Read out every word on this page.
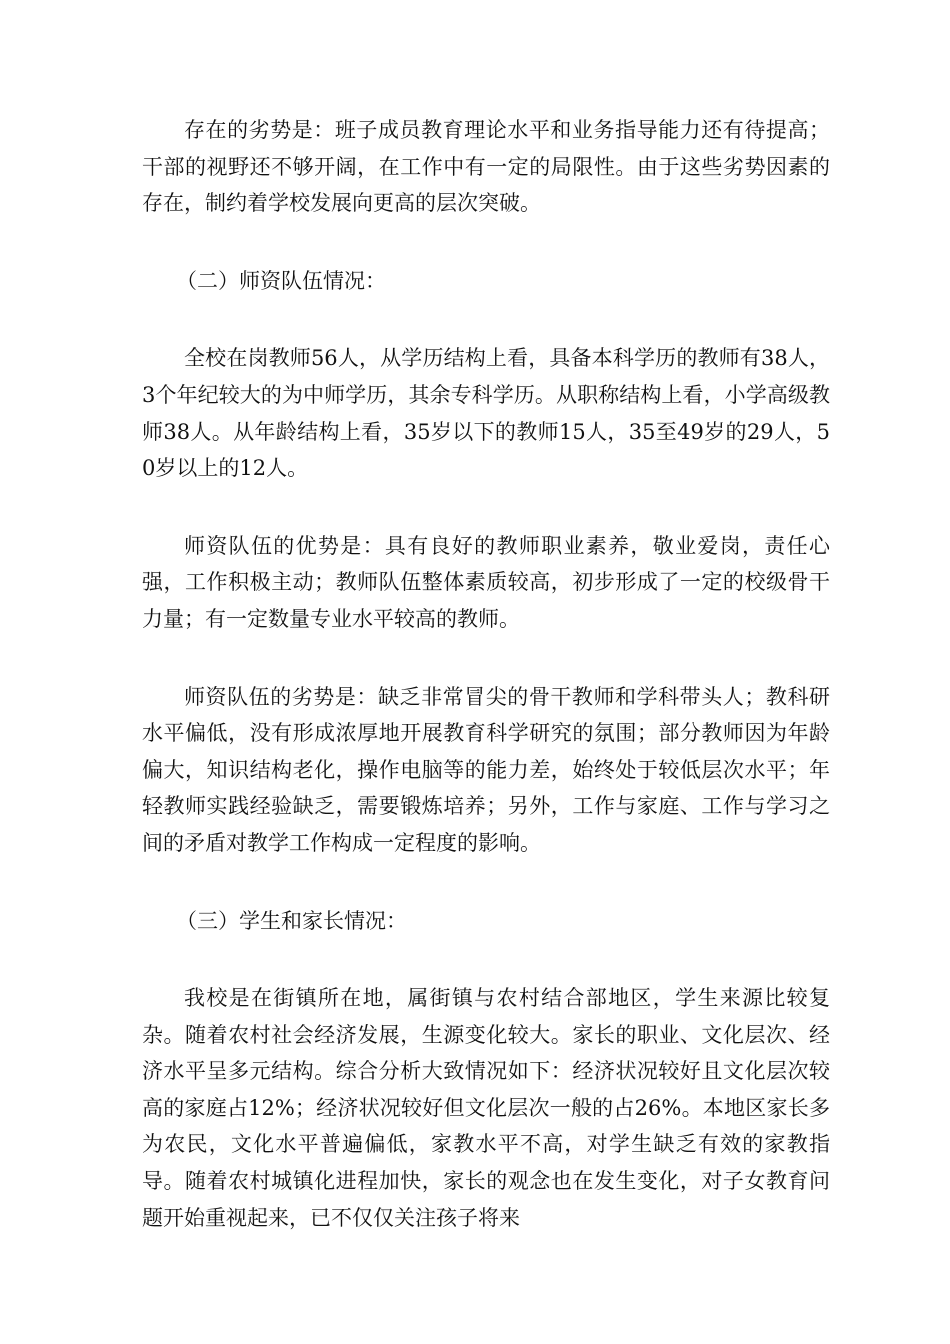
存在的劣势是：班子成员教育理论水平和业务指导能力还有待提高；干部的视野还不够开阔，在工作中有一定的局限性。由于这些劣势因素的存在，制约着学校发展向更高的层次突破。

（二）师资队伍情况：

全校在岗教师56人，从学历结构上看，具备本科学历的教师有38人，3个年纪较大的为中师学历，其余专科学历。从职称结构上看，小学高级教师38人。从年龄结构上看，35岁以下的教师15人，35至49岁的29人，50岁以上的12人。

师资队伍的优势是：具有良好的教师职业素养，敬业爱岗，责任心强，工作积极主动；教师队伍整体素质较高，初步形成了一定的校级骨干力量；有一定数量专业水平较高的教师。

师资队伍的劣势是：缺乏非常冒尖的骨干教师和学科带头人；教科研水平偏低，没有形成浓厚地开展教育科学研究的氛围；部分教师因为年龄偏大，知识结构老化，操作电脑等的能力差，始终处于较低层次水平；年轻教师实践经验缺乏，需要锻炼培养；另外，工作与家庭、工作与学习之间的矛盾对教学工作构成一定程度的影响。

（三）学生和家长情况：

我校是在街镇所在地，属街镇与农村结合部地区，学生来源比较复杂。随着农村社会经济发展，生源变化较大。家长的职业、文化层次、经济水平呈多元结构。综合分析大致情况如下：经济状况较好且文化层次较高的家庭占12%；经济状况较好但文化层次一般的占26%。本地区家长多为农民，文化水平普遍偏低，家教水平不高，对学生缺乏有效的家教指导。随着农村城镇化进程加快，家长的观念也在发生变化，对子女教育问题开始重视起来，已不仅仅关注孩子将来
